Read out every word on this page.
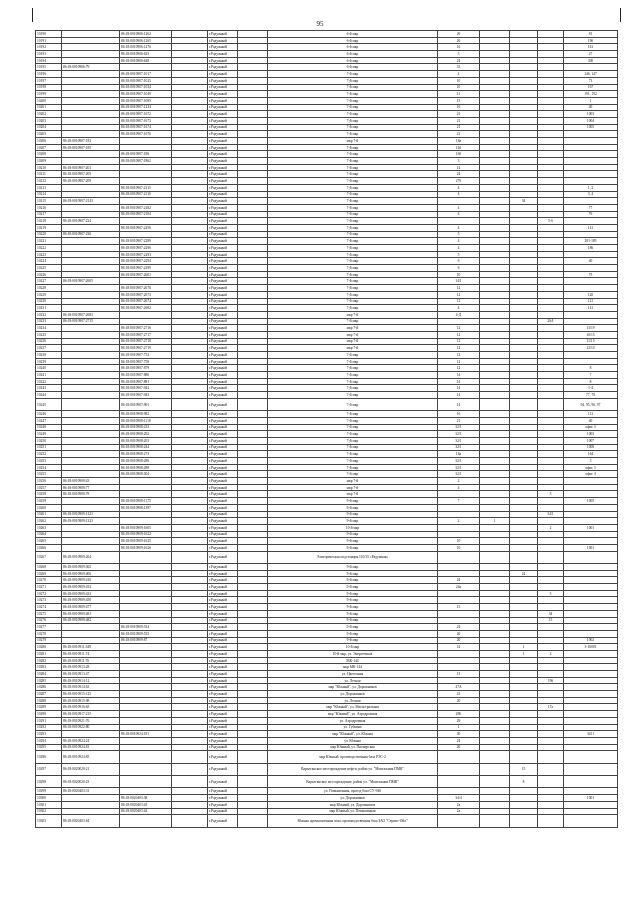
95
10190		86:18:0010906:1262		г.Радужный		6-й мкр	26				81
10191		86:18:0010906:1265		г.Радужный		6-й мкр	26				190
10192		86:18:0010906:1276		г.Радужный		6-й мкр	16				161
10193		86:18:0010906:625		г.Радужный		6-й мкр	5				27
10194		86:18:0010906:648		г.Радужный		6-й мкр	24				300
10195	86:18:0010906:79			г.Радужный		6-й мкр	31				
10196		86:18:0010907:1017		г.Радужный		7-й мкр	4				146, 147
10197		86:18:0010907:1025		г.Радужный		7-й мкр	10				73
10198		86:18:0010907:1034		г.Радужный		7-й мкр	10				167
10199		86:18:0010907:1049		г.Радужный		7-й мкр	11				191, 192
10200		86:18:0010907:1085		г.Радужный		7-й мкр	15				1
10201		86:18:0010907:1234		г.Радужный		7-й мкр	16				40
10202		86:18:0010907:1672		г.Радужный		7-й мкр	21				1003
10203		86:18:0010907:1673		г.Радужный		7-й мкр	21				1004
10204		86:18:0010907:1674		г.Радужный		7-й мкр	21				1005
10205		86:18:0010907:1676		г.Радужный		7-й мкр	21				
10206	86:18:0010907:182			г.Радужный		мкр 7-й	18а				
10207	86:18:0010907:185			г.Радужный		7-й мкр	14б				
10208		86:18:0010907:186		г.Радужный		7-й мкр	16б				
10209		86:18:0010907:1862		г.Радужный		7-й мкр	3				
10210	86:18:0010907:201			г.Радужный		7-й мкр	14				
10211	86:18:0010907:205			г.Радужный		7-й мкр	24				
10212	86:18:0010907:209			г.Радужный		7-й мкр	27б				
10213		86:18:0010907:2115		г.Радужный		7-й мкр	4				1, 2
10214		86:18:0010907:2116		г.Радужный		7-й мкр	4				3, 4
10215	86:18:0010907:2143			г.Радужный		7-й мкр			34		
10216		86:18:0010907:2182		г.Радужный		7-й мкр	4				77
10217		86:18:0010907:2184		г.Радужный		7-й мкр	4				76
10218	86:18:0010907:224			г.Радужный		7-й мкр				5-6	
10219		86:18:0010907:2256		г.Радужный		7-й мкр	4				141
10220	86:18:0010907:226			г.Радужный		7-й мкр	5				
10221		86:18:0010907:2289		г.Радужный		7-й мкр	4				181-185
10222		86:18:0010907:2290		г.Радужный		7-й мкр	4				186
10223		86:18:0010907:2293		г.Радужный		7-й мкр	5				
10224		86:18:0010907:2294		г.Радужный		7-й мкр	6				40
10225		86:18:0010907:2299		г.Радужный		7-й мкр	6				
10226		86:18:0010907:2601		г.Радужный		7-й мкр	10				75
10227	86:18:0010907:2605			г.Радужный		7-й мкр	14/1				
10228		86:18:0010907:2670		г.Радужный		7-й мкр	12				
10229		86:18:0010907:2673		г.Радужный		7-й мкр	12				120
10230		86:18:0010907:2674		г.Радужный		7-й мкр	12				121
10231		86:18:0010907:2682		г.Радужный		7-й мкр	4				141
10232	86:18:0010907:2683			г.Радужный		мкр 7-й	4-Д				
10233	86:18:0010907:2715			г.Радужный		7-й мкр				26А	
10234		86:18:0010907:2716		г.Радужный		мкр 7-й	12				13/19
10235		86:18:0010907:2717		г.Радужный		мкр 7-й	12				10/15
10236		86:18:0010907:2718		г.Радужный		мкр 7-й	12				11/15
10237		86:18:0010907:2719		г.Радужный		мкр 7-й	12				12/14
10238		86:18:0010907:752		г.Радужный		7-й мкр	12				
10239		86:18:0010907:758		г.Радужный		7-й мкр	12				
10240		86:18:0010907:879		г.Радужный		7-й мкр	12				8
10241		86:18:0010907:880		г.Радужный		7-й мкр	14				7
10242		86:18:0010907:881		г.Радужный		7-й мкр	14				8
10243		86:18:0010907:942		г.Радужный		7-й мкр	14				1-4
10244		86:18:0010907:943		г.Радужный		7-й мкр	14				77, 78
10245		86:18:0010907:961		г.Радужный		7-й мкр	14				94, 95, 96, 97
10246		86:18:0010908:982		г.Радужный		7-й мкр	16				112
10247		86:18:0010908:1118		г.Радужный		7-й мкр	21				40
10248		86:18:0010908:233		г.Радужный		7-й мкр	32/1				офис 3
10249		86:18:0010908:292		г.Радужный		7-й мкр	32/1				1003
10250		86:18:0010908:203		г.Радужный		7-й мкр	32/1				1007
10251		86:18:0010908:244		г.Радужный		7-й мкр	32/1				1008
10252		86:18:0010908:273		г.Радужный		7-й мкр	16а				164
10253		86:18:0010908:286		г.Радужный		7-й мкр	32/1				3
10254		86:18:0010908:288		г.Радужный		7-й мкр	32/1				офис 3
10255		86:18:0010908:304		г.Радужный		7-й мкр	32/1				офис 4
10256	86:18:0010908:43			г.Радужный		мкр 7-й	2				
10257	86:18:0010908:77			г.Радужный		мкр 7-й	4				
10258	86:18:0010908:78			г.Радужный		мкр 7-й				5	
10259		86:18:0010908:1175		г.Радужный		9-й мкр	7				1005
10260		86:18:0010908:1397		г.Радужный		9-й мкр					
10261	86:18:0010909:1321			г.Радужный		9-й мкр				34/1	
10262	86:18:0010909:1323			г.Радужный		9-й мкр	2	1			
10263		86:18:0010909:1605		г.Радужный		10-й мкр				2	1001
10264		86:18:0010909:1622		г.Радужный		9-й мкр					
10265		86:18:0010909:1625		г.Радужный		9-й мкр	10				
10266		86:18:0010909:1626		г.Радужный		9-й мкр	10				1001
10267	86:18:0010909:264			г.Радужный		Электрическая подстанция 110/35 «Радужная»					
10268	86:18:0010909:365			г.Радужный		9-й мкр					
10269	86:18:0010909:406			г.Радужный		9-й мкр			24		
10270	86:18:0010909:416			г.Радужный		9-й мкр	24				
10271	86:18:0010909:432			г.Радужный		9-й мкр	24а				
10272	86:18:0010909:433			г.Радужный		9-й мкр				5	
10273	86:18:0010909:450			г.Радужный		9-й мкр					
10274	86:18:0010909:477			г.Радужный		9-й мкр	15				
10275	86:18:0010909:481			г.Радужный		9-й мкр				34	
10276	86:18:0010909:482			г.Радужный		9-й мкр				15	
10277		86:18:0010909:534		г.Радужный		9-й мкр	24				
10278		86:18:0010909:535		г.Радужный		9-й мкр	26				
10279		86:18:0010909:87		г.Радужный		9-й мкр	20				1002
10280	86:18:0010911:349			г.Радужный		10-й мкр	14		1		3-10001
10281	86:18:0010911:74			г.Радужный		10-й мкр, ул. Энергетиков			1	2	
10282	86:18:0010911:76			г.Радужный		МК-144					
10283	86:18:0010913:28			г.Радужный		мкр МК-144					
10284	86:18:0010913:47			г.Радужный		ул. Цветочная	13				
10285	86:18:0010914:12			г.Радужный		ул. Лесная				196	
10286	86:18:0010914:63			г.Радужный		мкр "Южный", ул. Дорожников	27А				
10287	86:18:0010915:125			г.Радужный		ул. Дорожников	41				
10288	86:18:0010915:98			г.Радужный		ул. Лесная	20				
10289	86:18:0010916:65			г.Радужный		мкр "Южный", ул. Магистральная				17а	
10290	86:18:0010917:215			г.Радужный		мкр "Южный", ул. Аэродромная	29Б				
10291	86:18:0010921:76			г.Радужный		ул. Аэродромная	29				
10292	86:18:0010922:80			г.Радужный		ул. Губкина	1				
10293		86:18:0010924:181		г.Радужный		мкр "Южный", ул. Южная	30				3411
10294	86:18:0010924:24			г.Радужный		ул. Южная	24				
10295	86:18:0010924:81			г.Радужный		мкр Южный, ул. Пионерская	26				
10296	86:18:0010924:85			г.Радужный		мкр Южный, производственная база РЭС-2					
10297	86:18:0020020:21			г.Радужный		Варьеганское месторождение нефти, район уч. "Монтажник ПМК"			15		
10298	86:18:0020020:23			г.Радужный		Варьеганское месторождение, район уч. "Монтажник ПМК"			8		
10299	86:18:0020403:31			г.Радужный		ул. Повышенная, проезд база СУ-940					
10300		86:18:0020403:38		г.Радужный		ул. Дорожников	34/4				1001
10301		86:18:0020403:45		г.Радужный		мкр Южный, ул. Дорожников	2а				
10302		86:18:0020403:44		г.Радужный		мкр Южный, ул. Повышенная	2а				
10303	86:18:0020403:64			г.Радужный		Южная промышленная зона, производственная база ЗАО "Сервис-Ойл"					
